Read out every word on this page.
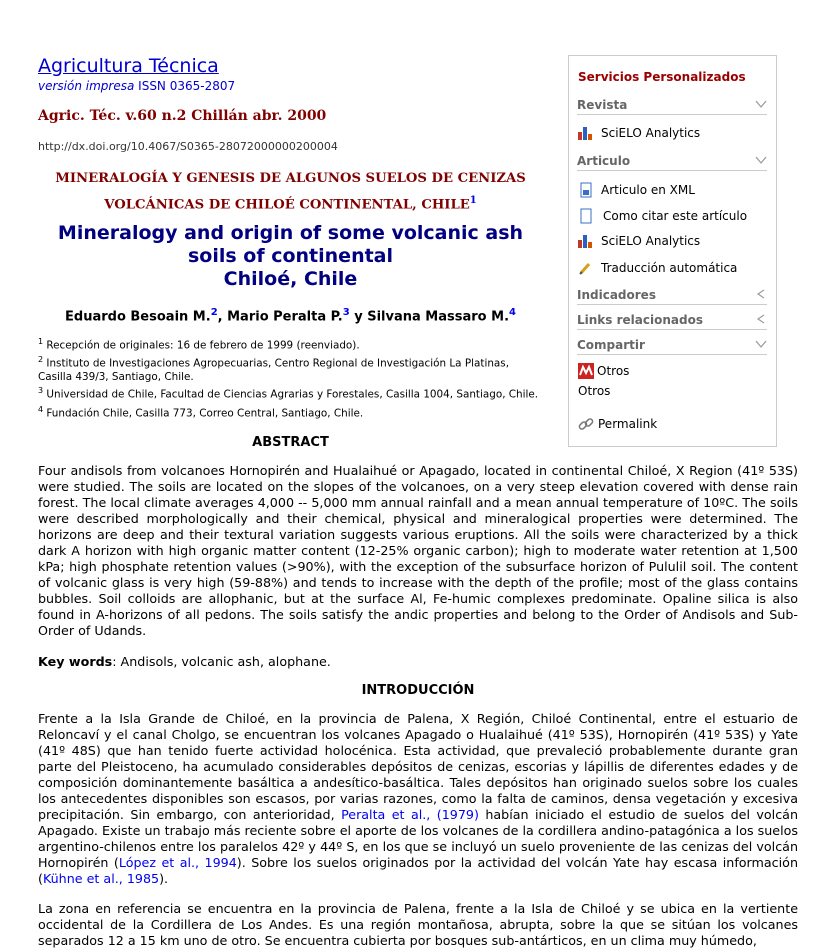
Agricultura Técnica
versión impresa ISSN 0365-2807
Agric. Téc. v.60 n.2 Chillán abr. 2000
http://dx.doi.org/10.4067/S0365-28072000000200004
MINERALOGÍA Y GENESIS DE ALGUNOS SUELOS DE CENIZAS
VOLCÁNICAS DE CHILOÉ CONTINENTAL, CHILE$^1$
Mineralogy and origin of some volcanic ash
soils of continental
Chiloé, Chile
Eduardo Besoain M.$^2$, Mario Peralta P.$^3$ y Silvana Massaro M.$^4$

$^1$ Recepción de originales: 16 de febrero de 1999 (reenviado).

$^2$ Instituto de Investigaciones Agropecuarias, Centro Regional de Investigación La Platinas, Casilla 439/3, Santiago, Chile.

$^3$ Universidad de Chile, Facultad de Ciencias Agrarias y Forestales, Casilla 1004, Santiago, Chile.

$^4$ Fundación Chile, Casilla 773, Correo Central, Santiago, Chile.

ABSTRACT
Four andisols from volcanoes Hornopirén and Hualaihué or Apagado, located in continental Chiloé, X Region (41º 53S) were studied. The soils are located on the slopes of the volcanoes, on a very steep elevation covered with dense rain forest. The local climate averages 4,000 -- 5,000 mm annual rainfall and a mean annual temperature of 10ºC. The soils were described morphologically and their chemical, physical and mineralogical properties were determined. The horizons are deep and their textural variation suggests various eruptions. All the soils were characterized by a thick dark A horizon with high organic matter content (12-25% organic carbon); high to moderate water retention at 1,500 kPa; high phosphate retention values (>90%), with the exception of the subsurface horizon of Pululil soil. The content of volcanic glass is very high (59-88%) and tends to increase with the depth of the profile; most of the glass contains bubbles. Soil colloids are allophanic, but at the surface Al, Fe-humic complexes predominate. Opaline silica is also found in A-horizons of all pedons. The soils satisfy the andic properties and belong to the Order of Andisols and Sub-Order of Udands.
Key words: Andisols, volcanic ash, alophane.
INTRODUCCIÓN
Frente a la Isla Grande de Chiloé, en la provincia de Palena, X Región, Chiloé Continental, entre el estuario de Reloncaví y el canal Cholgo, se encuentran los volcanes Apagado o Hualaihué (41º 53S), Hornopirén (41º 53S) y Yate (41º 48S) que han tenido fuerte actividad holocénica. Esta actividad, que prevaleció probablemente durante gran parte del Pleistoceno, ha acumulado considerables depósitos de cenizas, escorias y lápillis de diferentes edades y de composición dominantemente basáltica a andesítico-basáltica. Tales depósitos han originado suelos sobre los cuales los antecedentes disponibles son escasos, por varias razones, como la falta de caminos, densa vegetación y excesiva precipitación. Sin embargo, con anterioridad, Peralta et al., (1979) habían iniciado el estudio de suelos del volcán Apagado. Existe un trabajo más reciente sobre el aporte de los volcanes de la cordillera andino-patagónica a los suelos argentino-chilenos entre los paralelos 42º y 44º S, en los que se incluyó un suelo proveniente de las cenizas del volcán Hornopirén (López et al., 1994). Sobre los suelos originados por la actividad del volcán Yate hay escasa información (Kühne et al., 1985).
La zona en referencia se encuentra en la provincia de Palena, frente a la Isla de Chiloé y se ubica en la vertiente occidental de la Cordillera de Los Andes. Es una región montañosa, abrupta, sobre la que se sitúan los volcanes separados 12 a 15 km uno de otro. Se encuentra cubierta por bosques sub-antárticos, en un clima muy húmedo,
Servicios Personalizados
Revista
SciELO Analytics
Articulo
Articulo en XML
Como citar este artículo
SciELO Analytics
Traducción automática
Indicadores
Links relacionados
Compartir
Otros
Otros
Permalink
